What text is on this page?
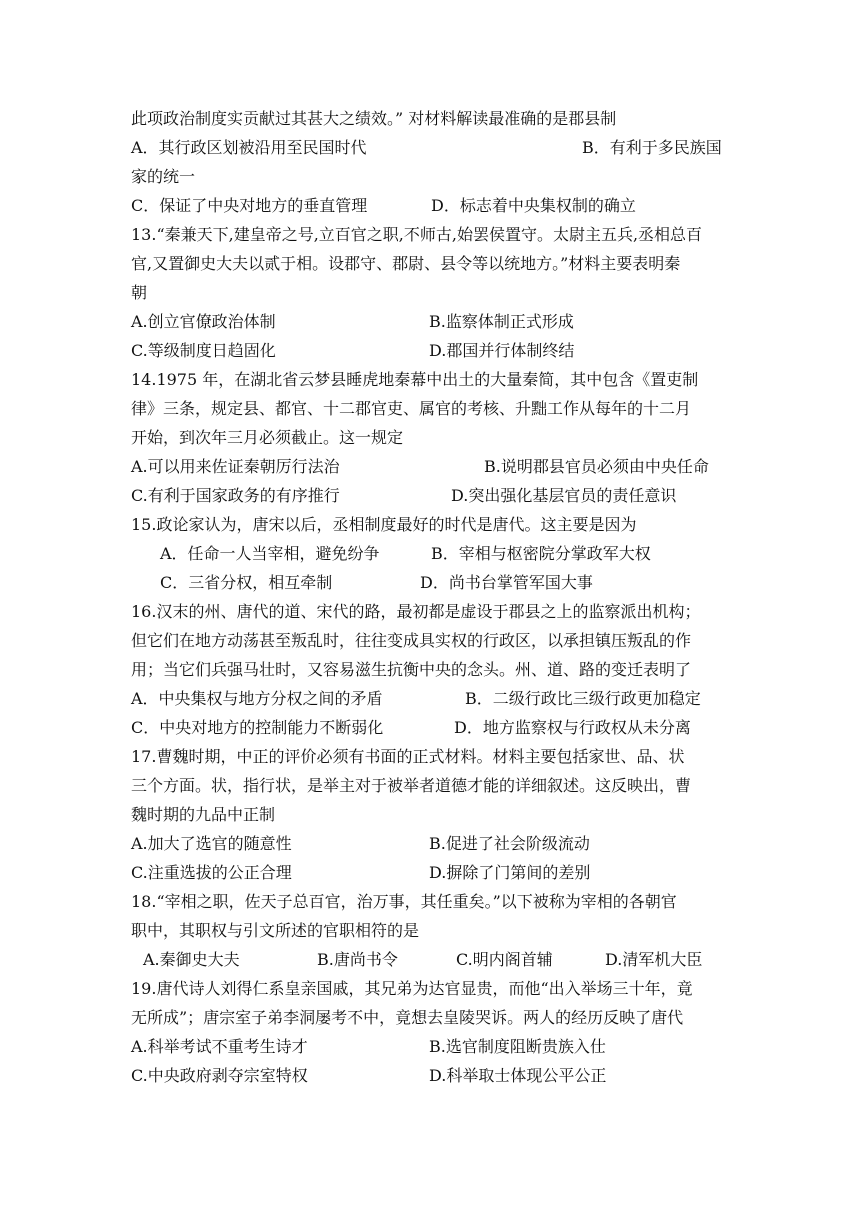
此项政治制度实贡献过其甚大之绩效。” 对材料解读最准确的是郡县制
A．其行政区划被沿用至民国时代	B．有利于多民族国
家的统一
C．保证了中央对地方的垂直管理	D．标志着中央集权制的确立
13.“秦兼天下,建皇帝之号,立百官之职,不师古,始罢侯置守。太尉主五兵,丞相总百
官,又置御史大夫以贰于相。设郡守、郡尉、县令等以统地方。”材料主要表明秦
朝
A.创立官僚政治体制	B.监察体制正式形成
C.等级制度日趋固化	D.郡国并行体制终结
14.1975 年，在湖北省云梦县睡虎地秦幕中出土的大量秦简，其中包含《置吏制
律》三条，规定县、都官、十二郡官吏、属官的考核、升黜工作从每年的十二月
开始，到次年三月必须截止。这一规定
A.可以用来佐证秦朝厉行法治	B.说明郡县官员必须由中央任命
C.有利于国家政务的有序推行	D.突出强化基层官员的责任意识
15.政论家认为，唐宋以后，丞相制度最好的时代是唐代。这主要是因为
A．任命一人当宰相，避免纷争	B．宰相与枢密院分掌政军大权
C．三省分权，相互牵制	D．尚书台掌管军国大事
16.汉末的州、唐代的道、宋代的路，最初都是虚设于郡县之上的监察派出机构；
但它们在地方动荡甚至叛乱时，往往变成具实权的行政区，以承担镇压叛乱的作
用；当它们兵强马壮时，又容易滋生抗衡中央的念头。州、道、路的变迁表明了
A．中央集权与地方分权之间的矛盾	B．二级行政比三级行政更加稳定
C．中央对地方的控制能力不断弱化	D．地方监察权与行政权从未分离
17.曹魏时期，中正的评价必须有书面的正式材料。材料主要包括家世、品、状
三个方面。状，指行状，是举主对于被举者道德才能的详细叙述。这反映出，曹
魏时期的九品中正制
A.加大了选官的随意性	B.促进了社会阶级流动
C.注重选拔的公正合理	D.摒除了门第间的差别
18.“宰相之职，佐天子总百官，治万事，其任重矣。”以下被称为宰相的各朝官
职中，其职权与引文所述的官职相符的是
A.秦御史大夫	B.唐尚书令	C.明内阁首辅	D.清军机大臣
19.唐代诗人刘得仁系皇亲国戚，其兄弟为达官显贵，而他“出入举场三十年，竟
无所成”；唐宗室子弟李洞屡考不中，竟想去皇陵哭诉。两人的经历反映了唐代
A.科举考试不重考生诗才	B.选官制度阻断贵族入仕
C.中央政府剥夺宗室特权	D.科举取士体现公平公正
